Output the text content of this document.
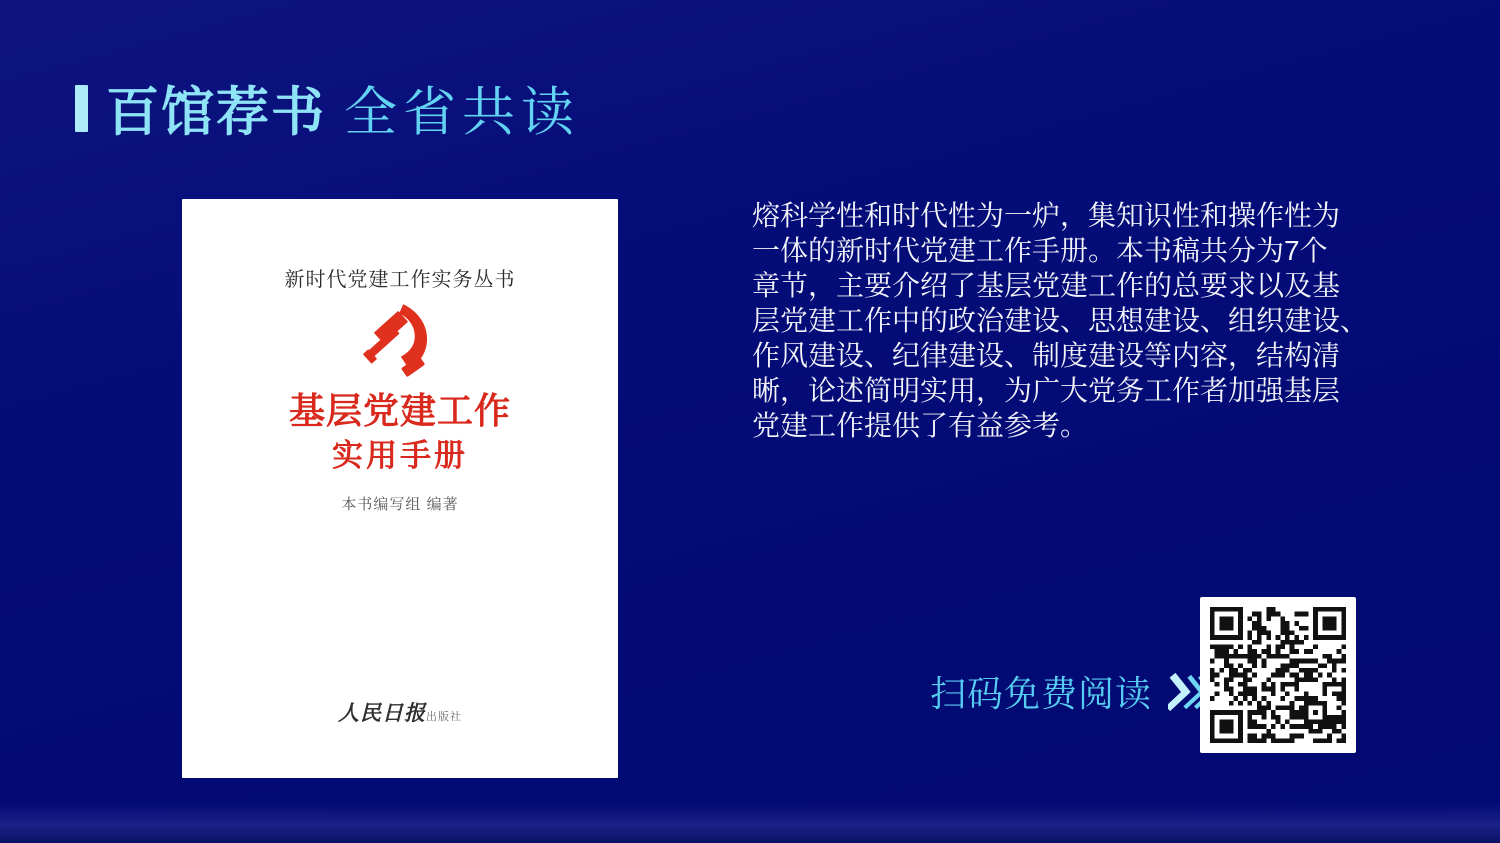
百馆荐书 全省共读
新时代党建工作实务丛书
基层党建工作
实用手册
本书编写组 编著
人民日报出版社
熔科学性和时代性为一炉，集知识性和操作性为
一体的新时代党建工作手册。本书稿共分为7个
章节，主要介绍了基层党建工作的总要求以及基
层党建工作中的政治建设、思想建设、组织建设、
作风建设、纪律建设、制度建设等内容，结构清
晰，论述简明实用，为广大党务工作者加强基层
党建工作提供了有益参考。
扫码免费阅读
